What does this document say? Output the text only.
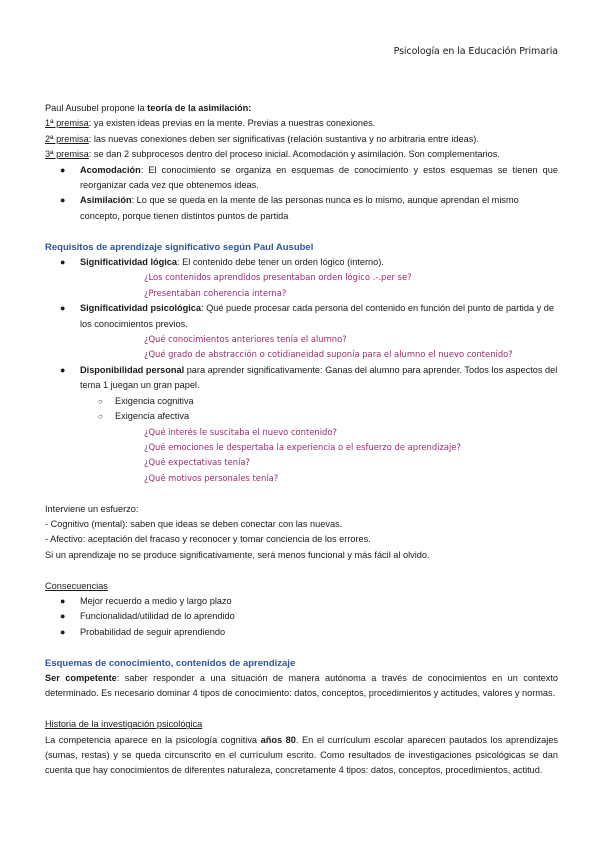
Psicología en la Educación Primaria
Paul Ausubel propone la teoría de la asimilación:
1ª premisa: ya existen ideas previas en la mente. Previas a nuestras conexiones.
2ª premisa: las nuevas conexiones deben ser significativas (relación sustantiva y no arbitraria entre ideas).
3ª premisa: se dan 2 subprocesos dentro del proceso inicial. Acomodación y asimilación. Son complementarios.
● Acomodación: El conocimiento se organiza en esquemas de conocimiento y estos esquemas se tienen que reorganizar cada vez que obtenemos ideas.
● Asimilación: Lo que se queda en la mente de las personas nunca es lo mismo, aunque aprendan el mismo concepto, porque tienen distintos puntos de partida
Requisitos de aprendizaje significativo según Paul Ausubel
● Significatividad lógica: El contenido debe tener un orden lógico (interno).
¿Los contenidos aprendidos presentaban orden lógico .-.per se?
¿Presentaban coherencia interna?
● Significatividad psicológica: Qué puede procesar cada persona del contenido en función del punto de partida y de los conocimientos previos.
¿Qué conocimientos anteriores tenía el alumno?
¿Qué grado de abstracción o cotidianeidad suponía para el alumno el nuevo contenido?
● Disponibilidad personal para aprender significativamente: Ganas del alumno para aprender. Todos los aspectos del tema 1 juegan un gran papel.
○ Exigencia cognitiva
○ Exigencia afectiva
¿Qué interés le suscitaba el nuevo contenido?
¿Qué emociones le despertaba la experiencia o el esfuerzo de aprendizaje?
¿Qué expectativas tenía?
¿Qué motivos personales tenía?
Interviene un esfuerzo:
- Cognitivo (mental): saben que ideas se deben conectar con las nuevas.
- Afectivo: aceptación del fracaso y reconocer y tomar conciencia de los errores.
Si un aprendizaje no se produce significativamente, será menos funcional y más fácil al olvido.
Consecuencias
● Mejor recuerdo a medio y largo plazo
● Funcionalidad/utilidad de lo aprendido
● Probabilidad de seguir aprendiendo
Esquemas de conocimiento, contenidos de aprendizaje
Ser competente: saber responder a una situación de manera autónoma a través de conocimientos en un contexto determinado. Es necesario dominar 4 tipos de conocimiento: datos, conceptos, procedimientos y actitudes, valores y normas.
Historia de la investigación psicológica
La competencia aparece en la psicología cognitiva años 80. En el currículum escolar aparecen pautados los aprendizajes (sumas, restas) y se queda circunscrito en el currículum escrito. Como resultados de investigaciones psicológicas se dan cuenta que hay conocimientos de diferentes naturaleza, concretamente 4 tipos: datos, conceptos, procedimientos, actitud.
